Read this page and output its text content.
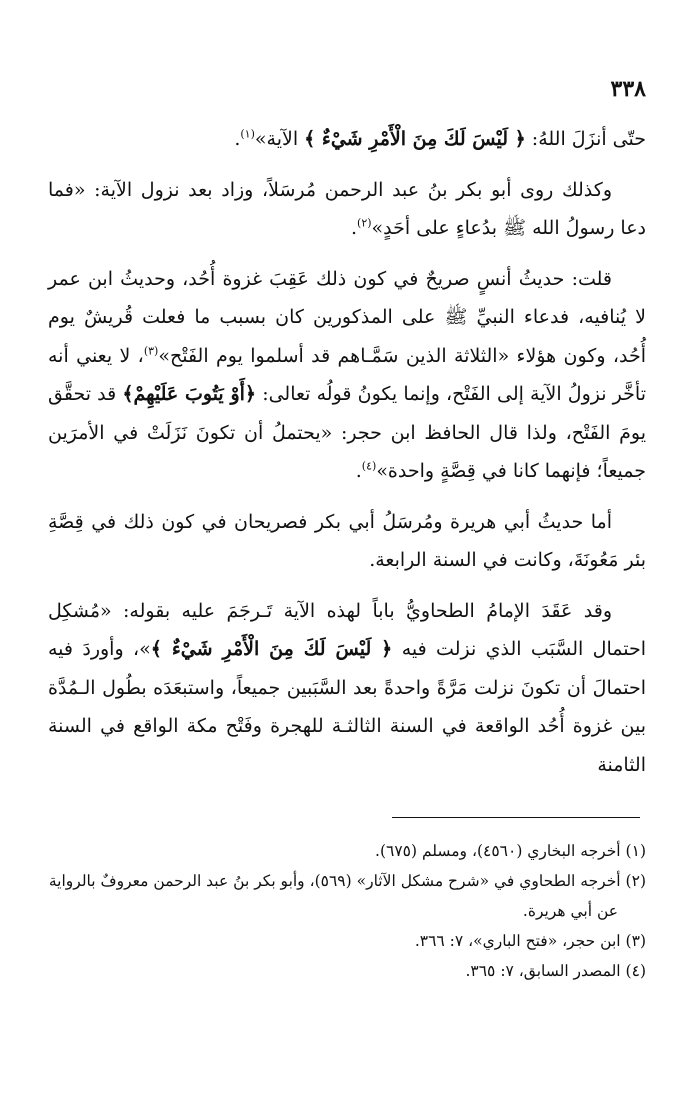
٣٣٨

حتّى أنزَلَ اللهُ: ﴿ لَيْسَ لَكَ مِنَ الْأَمْرِ شَيْءٌ ﴾ الآية»$^{(١)}$.

وكذلك روى أبو بكر بنُ عبد الرحمن مُرسَلاً، وزاد بعد نزول الآية: «فما دعا رسولُ الله ﷺ بدُعاءٍ على أحَدٍ»$^{(٢)}$.

قلت: حديثُ أنسٍ صريحٌ في كون ذلك عَقِبَ غزوة أُحُد، وحديثُ ابن عمر لا يُنافيه، فدعاء النبيِّ ﷺ على المذكورين كان بسبب ما فعلت قُريشٌ يوم أُحُد، وكون هؤلاء «الثلاثة الذين سَمَّـاهم قد أسلموا يوم الفَتْح»$^{(٣)}$، لا يعني أنه تأخَّر نزولُ الآية إلى الفَتْح، وإنما يكونُ قولُه تعالى: ﴿أَوْ يَتُوبَ عَلَيْهِمْ﴾ قد تحقَّق يومَ الفَتْح، ولذا قال الحافظ ابن حجر: «يحتملُ أن تكونَ نَزَلَتْ في الأمرَين جميعاً؛ فإنهما كانا في قِصَّةٍ واحدة»$^{(٤)}$.

أما حديثُ أبي هريرة ومُرسَلُ أبي بكر فصريحان في كون ذلك في قِصَّةِ بئر مَعُونَةَ، وكانت في السنة الرابعة.

وقد عَقَدَ الإمامُ الطحاويُّ باباً لهذه الآية تَـرجَمَ عليه بقوله: «مُشكِل احتمال السَّبَب الذي نزلت فيه ﴿ لَيْسَ لَكَ مِنَ الْأَمْرِ شَيْءٌ ﴾»، وأوردَ فيه احتمالَ أن تكونَ نزلت مَرَّةً واحدةً بعد السَّبَبين جميعاً، واستبعَدَه بطُول الـمُدَّة بين غزوة أُحُد الواقعة في السنة الثالثـة للهجرة وفَتْح مكة الواقع في السنة الثامنة

(١) أخرجه البخاري (٤٥٦٠)، ومسلم (٦٧٥).

(٢) أخرجه الطحاوي في «شرح مشكل الآثار» (٥٦٩)، وأبو بكر بنُ عبد الرحمن معروفٌ بالرواية
عن أبي هريرة.

(٣) ابن حجر، «فتح الباري»، ٧: ٣٦٦.

(٤) المصدر السابق، ٧: ٣٦٥.
